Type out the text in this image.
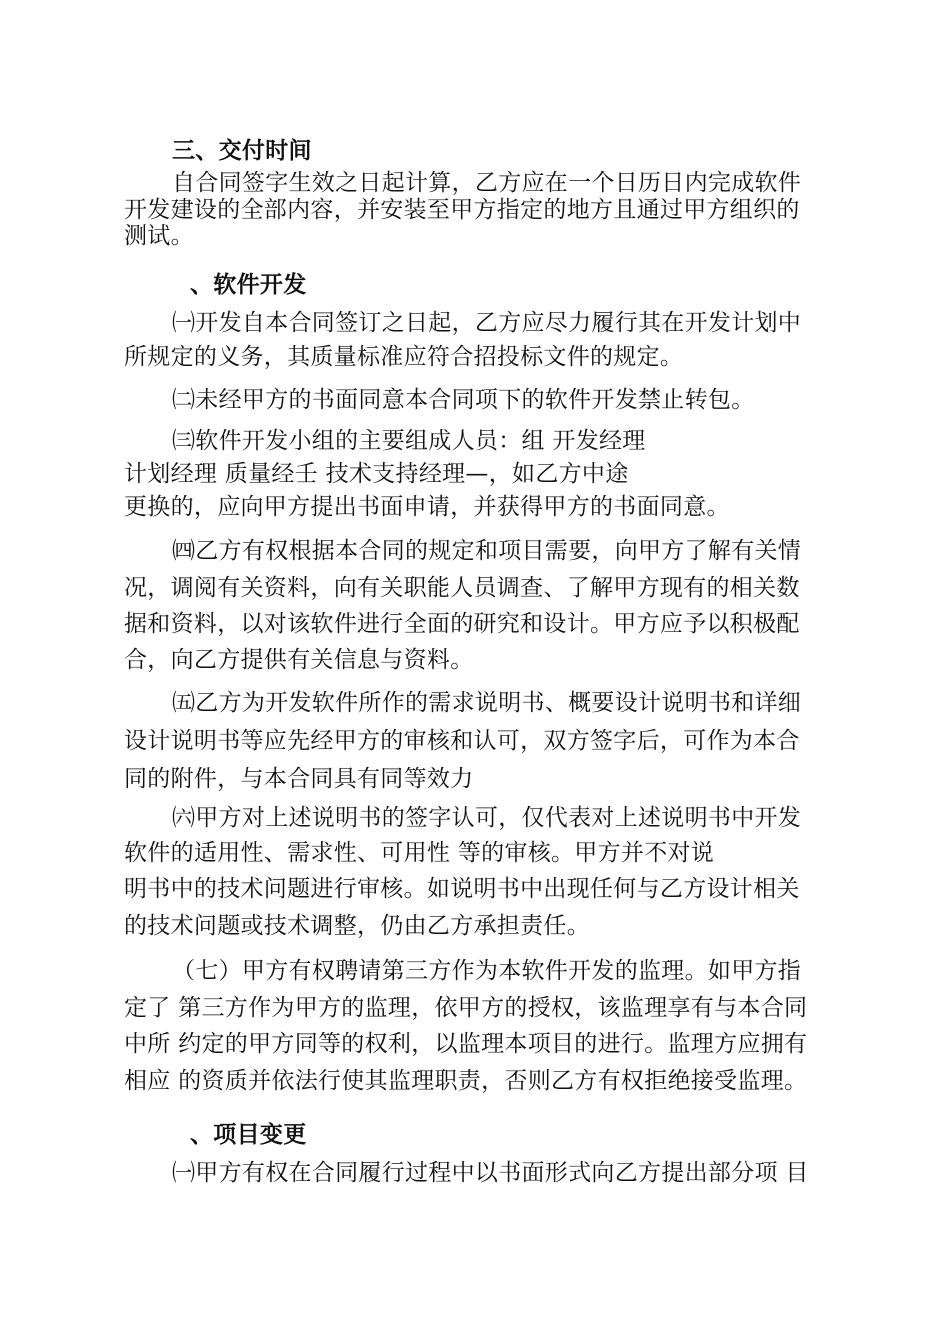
三、交付时间
自合同签字生效之日起计算，乙方应在一个日历日内完成软件
开发建设的全部内容，并安装至甲方指定的地方且通过甲方组织的
测试。
、软件开发
㈠开发自本合同签订之日起，乙方应尽力履行其在开发计划中
所规定的义务，其质量标准应符合招投标文件的规定。
㈡未经甲方的书面同意本合同项下的软件开发禁止转包。
㈢软件开发小组的主要组成人员：组 开发经理
计划经理 质量经壬 技术支持经理—，如乙方中途
更换的，应向甲方提出书面申请，并获得甲方的书面同意。
㈣乙方有权根据本合同的规定和项目需要，向甲方了解有关情
况，调阅有关资料，向有关职能人员调查、了解甲方现有的相关数
据和资料，以对该软件进行全面的研究和设计。甲方应予以积极配
合，向乙方提供有关信息与资料。
㈤乙方为开发软件所作的需求说明书、概要设计说明书和详细
设计说明书等应先经甲方的审核和认可，双方签字后，可作为本合
同的附件，与本合同具有同等效力
㈥甲方对上述说明书的签字认可，仅代表对上述说明书中开发
软件的适用性、需求性、可用性 等的审核。甲方并不对说
明书中的技术问题进行审核。如说明书中出现任何与乙方设计相关
的技术问题或技术调整，仍由乙方承担责任。
（七）甲方有权聘请第三方作为本软件开发的监理。如甲方指
定了 第三方作为甲方的监理，依甲方的授权，该监理享有与本合同
中所 约定的甲方同等的权利，以监理本项目的进行。监理方应拥有
相应 的资质并依法行使其监理职责，否则乙方有权拒绝接受监理。
、项目变更
㈠甲方有权在合同履行过程中以书面形式向乙方提出部分项 目
